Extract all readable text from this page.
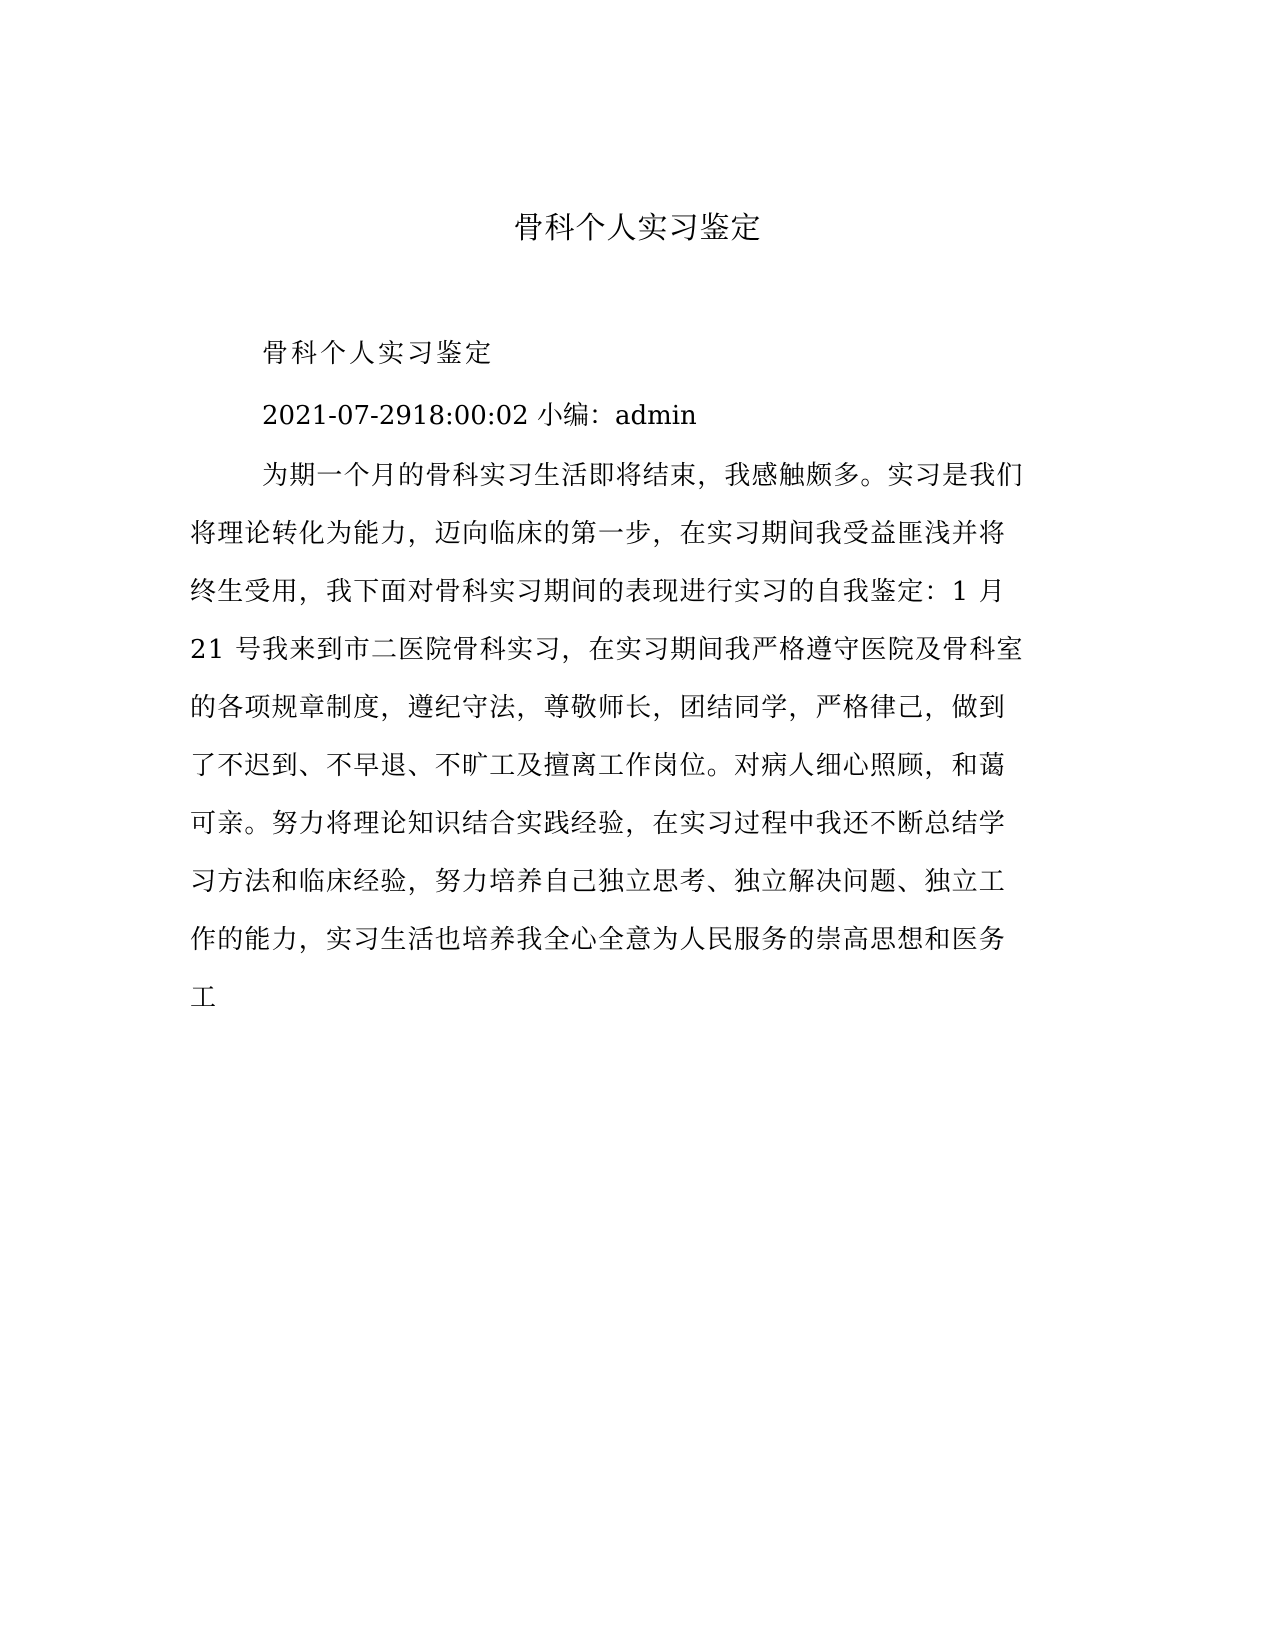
骨科个人实习鉴定

骨科个人实习鉴定

2021-07-2918:00:02 小编：admin

为期一个月的骨科实习生活即将结束，我感触颇多。实习是我们

将理论转化为能力，迈向临床的第一步，在实习期间我受益匪浅并将

终生受用，我下面对骨科实习期间的表现进行实习的自我鉴定：1 月

21 号我来到市二医院骨科实习，在实习期间我严格遵守医院及骨科室

的各项规章制度，遵纪守法，尊敬师长，团结同学，严格律己，做到

了不迟到、不早退、不旷工及擅离工作岗位。对病人细心照顾，和蔼

可亲。努力将理论知识结合实践经验，在实习过程中我还不断总结学

习方法和临床经验，努力培养自己独立思考、独立解决问题、独立工

作的能力，实习生活也培养我全心全意为人民服务的崇高思想和医务

工
